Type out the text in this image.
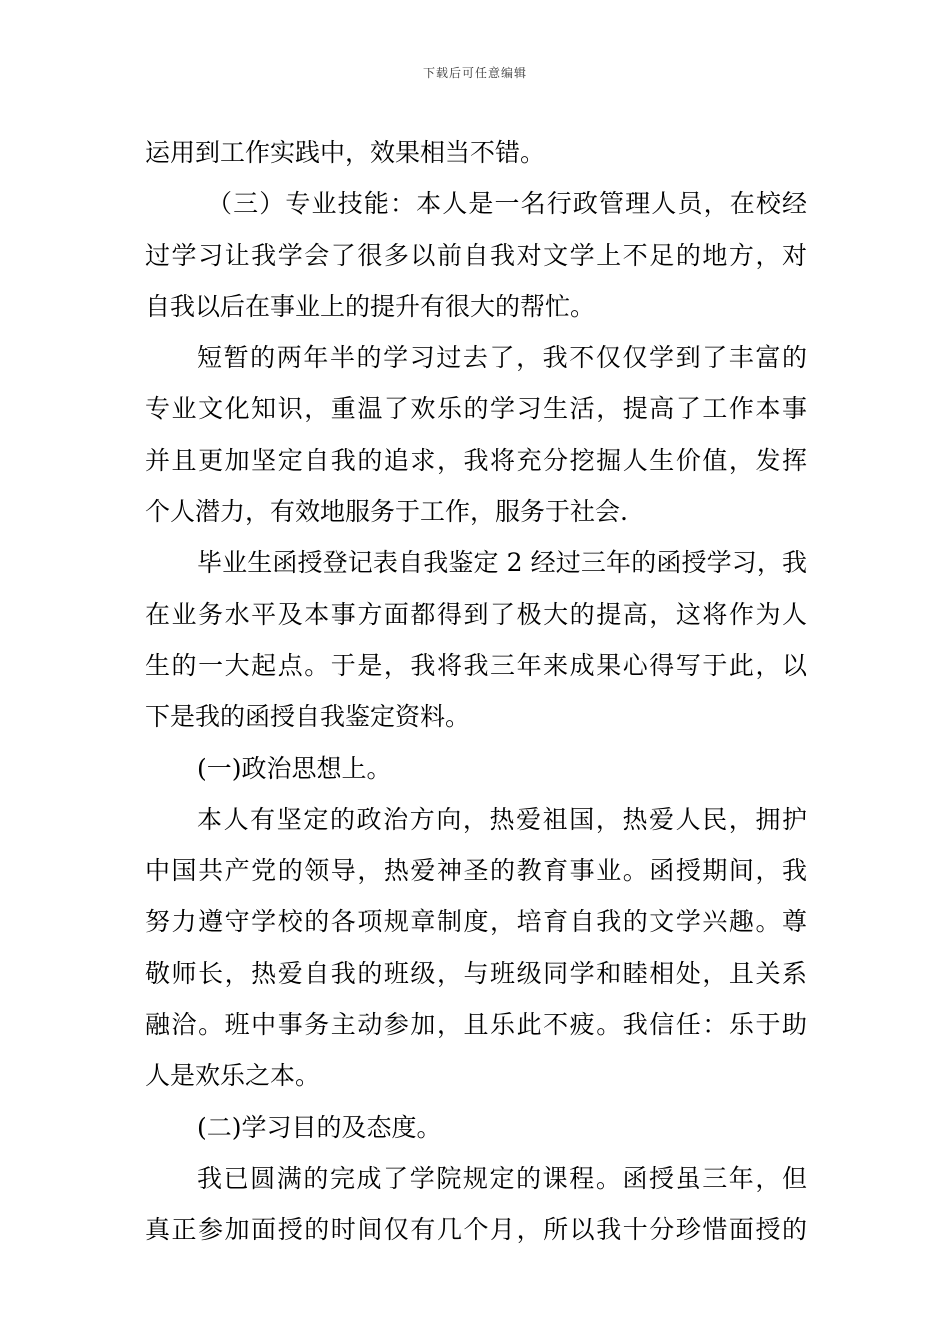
下载后可任意编辑
运用到工作实践中，效果相当不错。
（三）专业技能：本人是一名行政管理人员，在校经
过学习让我学会了很多以前自我对文学上不足的地方，对
自我以后在事业上的提升有很大的帮忙。
短暂的两年半的学习过去了，我不仅仅学到了丰富的
专业文化知识，重温了欢乐的学习生活，提高了工作本事
并且更加坚定自我的追求，我将充分挖掘人生价值，发挥
个人潜力，有效地服务于工作，服务于社会.
毕业生函授登记表自我鉴定 2 经过三年的函授学习，我
在业务水平及本事方面都得到了极大的提高，这将作为人
生的一大起点。于是，我将我三年来成果心得写于此，以
下是我的函授自我鉴定资料。
(一)政治思想上。
本人有坚定的政治方向，热爱祖国，热爱人民，拥护
中国共产党的领导，热爱神圣的教育事业。函授期间，我
努力遵守学校的各项规章制度，培育自我的文学兴趣。尊
敬师长，热爱自我的班级，与班级同学和睦相处，且关系
融洽。班中事务主动参加，且乐此不疲。我信任：乐于助
人是欢乐之本。
(二)学习目的及态度。
我已圆满的完成了学院规定的课程。函授虽三年，但
真正参加面授的时间仅有几个月，所以我十分珍惜面授的
